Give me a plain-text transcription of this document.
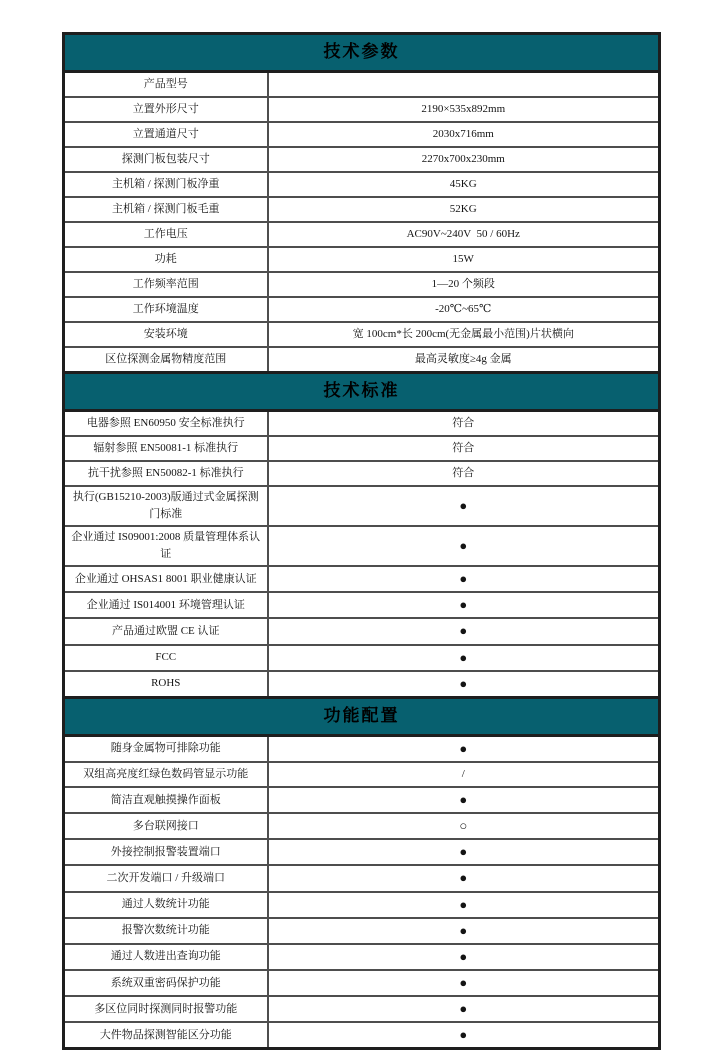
技术参数	
产品型号	
立置外形尺寸	2190×535x892mm
立置通道尺寸	2030x716mm
探测门板包装尺寸	2270x700x230mm
主机箱 / 探测门板净重	45KG
主机箱 / 探测门板毛重	52KG
工作电压	AC90V~240V  50 / 60Hz
功耗	15W
工作频率范围	1—20 个频段
工作环境温度	-20℃~65℃
安装环境	宽 100cm*长 200cm(无金属最小范围)片状横向
区位探测金属物精度范围	最高灵敏度≥4g 金属
技术标准	
电器参照 EN60950 安全标准执行	符合
辐射参照 EN50081-1 标准执行	符合
抗干扰参照 EN50082-1 标准执行	符合
执行(GB15210-2003)版通过式金属探测门标准	●
企业通过 IS09001:2008 质量管理体系认证	●
企业通过 OHSAS1 8001 职业健康认证	●
企业通过 IS014001 环境管理认证	●
产品通过欧盟 CE 认证	●
FCC	●
ROHS	●
功能配置	
随身金属物可排除功能	●
双组高亮度红绿色数码管显示功能	/
简洁直观触摸操作面板	●
多台联网接口	○
外接控制报警装置端口	●
二次开发端口 / 升级端口	●
通过人数统计功能	●
报警次数统计功能	●
通过人数进出查询功能	●
系统双重密码保护功能	●
多区位同时探测同时报警功能	●
大件物品探测智能区分功能	●
